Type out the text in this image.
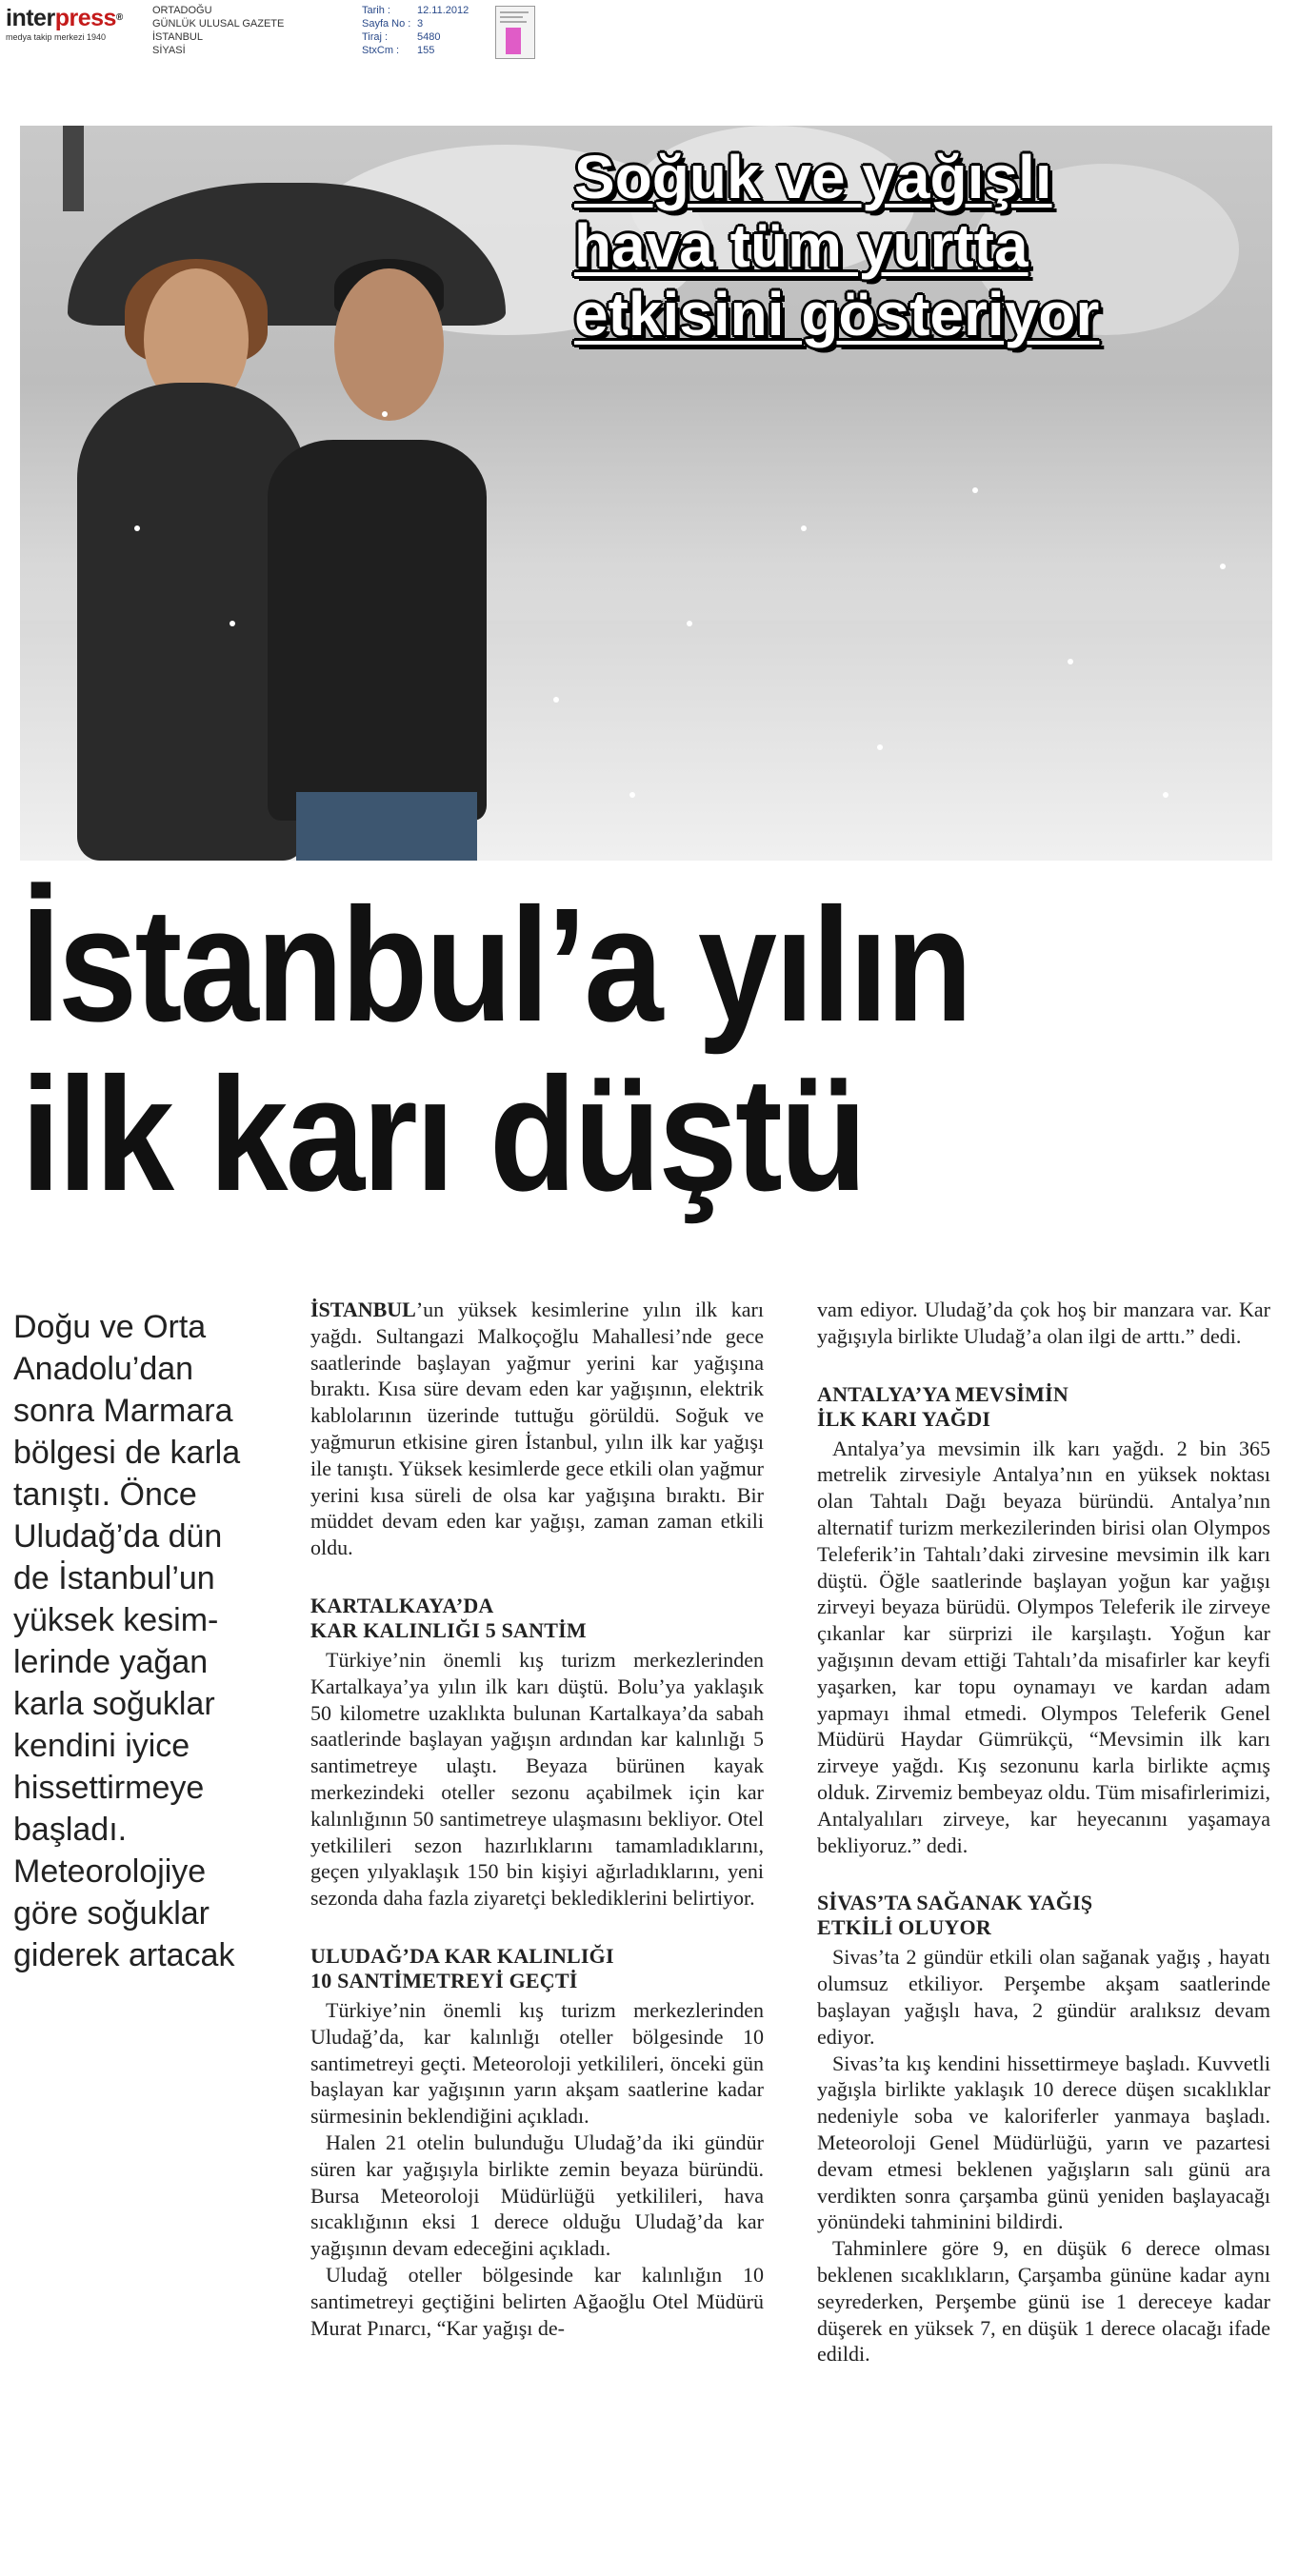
interpress®
medya takip merkezi 1940
ORTADOĞU
GÜNLÜK ULUSAL GAZETE
İSTANBUL
SİYASİ
Tarih :	12.11.2012
Sayfa No : 3
Tiraj :	5480
StxCm :	155
Soğuk ve yağışlı
hava tüm yurtta
etkisini gösteriyor
İstanbul’a yılın
ilk karı düştü
Doğu ve Orta
Anadolu’dan
sonra Marmara
bölgesi de karla
tanıştı. Önce
Uludağ’da dün
de İstanbul’un
yüksek kesim-
lerinde yağan
karla soğuklar
kendini iyice
hissettirmeye
başladı.
Meteorolojiye
göre soğuklar
giderek artacak

İSTANBUL’un yüksek kesimlerine yılın ilk karı yağdı. Sultangazi Malkoçoğlu Mahallesi’nde gece saatlerinde başlayan yağmur yerini kar yağışına bıraktı. Kısa süre devam eden kar yağışının, elektrik kablolarının üzerinde tuttuğu görüldü. Soğuk ve yağmurun etkisine giren İstanbul, yılın ilk kar yağışı ile tanıştı. Yüksek kesimlerde gece etkili olan yağmur yerini kısa süreli de olsa kar yağışına bıraktı. Bir müddet devam eden kar yağışı, zaman zaman etkili oldu.

KARTALKAYA’DA
KAR KALINLIĞI 5 SANTİM

Türkiye’nin önemli kış turizm merkezlerinden Kartalkaya’ya yılın ilk karı düştü. Bolu’ya yaklaşık 50 kilometre uzaklıkta bulunan Kartalkaya’da sabah saatlerinde başlayan yağışın ardından kar kalınlığı 5 santimetreye ulaştı. Beyaza bürünen kayak merkezindeki oteller sezonu açabilmek için kar kalınlığının 50 santimetreye ulaşmasını bekliyor. Otel yetkilileri sezon hazırlıklarını tamamladıklarını, geçen yılyaklaşık 150 bin kişiyi ağırladıklarını, yeni sezonda daha fazla ziyaretçi beklediklerini belirtiyor.

ULUDAĞ’DA KAR KALINLIĞI
10 SANTİMETREYİ GEÇTİ

Türkiye’nin önemli kış turizm merkezlerinden Uludağ’da, kar kalınlığı oteller bölgesinde 10 santimetreyi geçti. Meteoroloji yetkilileri, önceki gün başlayan kar yağışının yarın akşam saatlerine kadar sürmesinin beklendiğini açıkladı.

Halen 21 otelin bulunduğu Uludağ’da iki gündür süren kar yağışıyla birlikte zemin beyaza büründü. Bursa Meteoroloji Müdürlüğü yetkilileri, hava sıcaklığının eksi 1 derece olduğu Uludağ’da kar yağışının devam edeceğini açıkladı.

Uludağ oteller bölgesinde kar kalınlığın 10 santimetreyi geçtiğini belirten Ağaoğlu Otel Müdürü Murat Pınarcı, “Kar yağışı de-

vam ediyor. Uludağ’da çok hoş bir manzara var. Kar yağışıyla birlikte Uludağ’a olan ilgi de arttı.” dedi.

ANTALYA’YA MEVSİMİN
İLK KARI YAĞDI

Antalya’ya mevsimin ilk karı yağdı. 2 bin 365 metrelik zirvesiyle Antalya’nın en yüksek noktası olan Tahtalı Dağı beyaza büründü. Antalya’nın alternatif turizm merkezilerinden birisi olan Olympos Teleferik’in Tahtalı’daki zirvesine mevsimin ilk karı düştü. Öğle saatlerinde başlayan yoğun kar yağışı zirveyi beyaza bürüdü. Olympos Teleferik ile zirveye çıkanlar kar sürprizi ile karşılaştı. Yoğun kar yağışının devam ettiği Tahtalı’da misafirler kar keyfi yaşarken, kar topu oynamayı ve kardan adam yapmayı ihmal etmedi. Olympos Teleferik Genel Müdürü Haydar Gümrükçü, “Mevsimin ilk karı zirveye yağdı. Kış sezonunu karla birlikte açmış olduk. Zirvemiz bembeyaz oldu. Tüm misafirlerimizi, Antalyalıları zirveye, kar heyecanını yaşamaya bekliyoruz.” dedi.

SİVAS’TA SAĞANAK YAĞIŞ
ETKİLİ OLUYOR

Sivas’ta 2 gündür etkili olan sağanak yağış , hayatı olumsuz etkiliyor. Perşembe akşam saatlerinde başlayan yağışlı hava, 2 gündür aralıksız devam ediyor.

Sivas’ta kış kendini hissettirmeye başladı. Kuvvetli yağışla birlikte yaklaşık 10 derece düşen sıcaklıklar nedeniyle soba ve kaloriferler yanmaya başladı. Meteoroloji Genel Müdürlüğü, yarın ve pazartesi devam etmesi beklenen yağışların salı günü ara verdikten sonra çarşamba günü yeniden başlayacağı yönündeki tahminini bildirdi.

Tahminlere göre 9, en düşük 6 derece olması beklenen sıcaklıkların, Çarşamba gününe kadar aynı seyrederken, Perşembe günü ise 1 dereceye kadar düşerek en yüksek 7, en düşük 1 derece olacağı ifade edildi.
